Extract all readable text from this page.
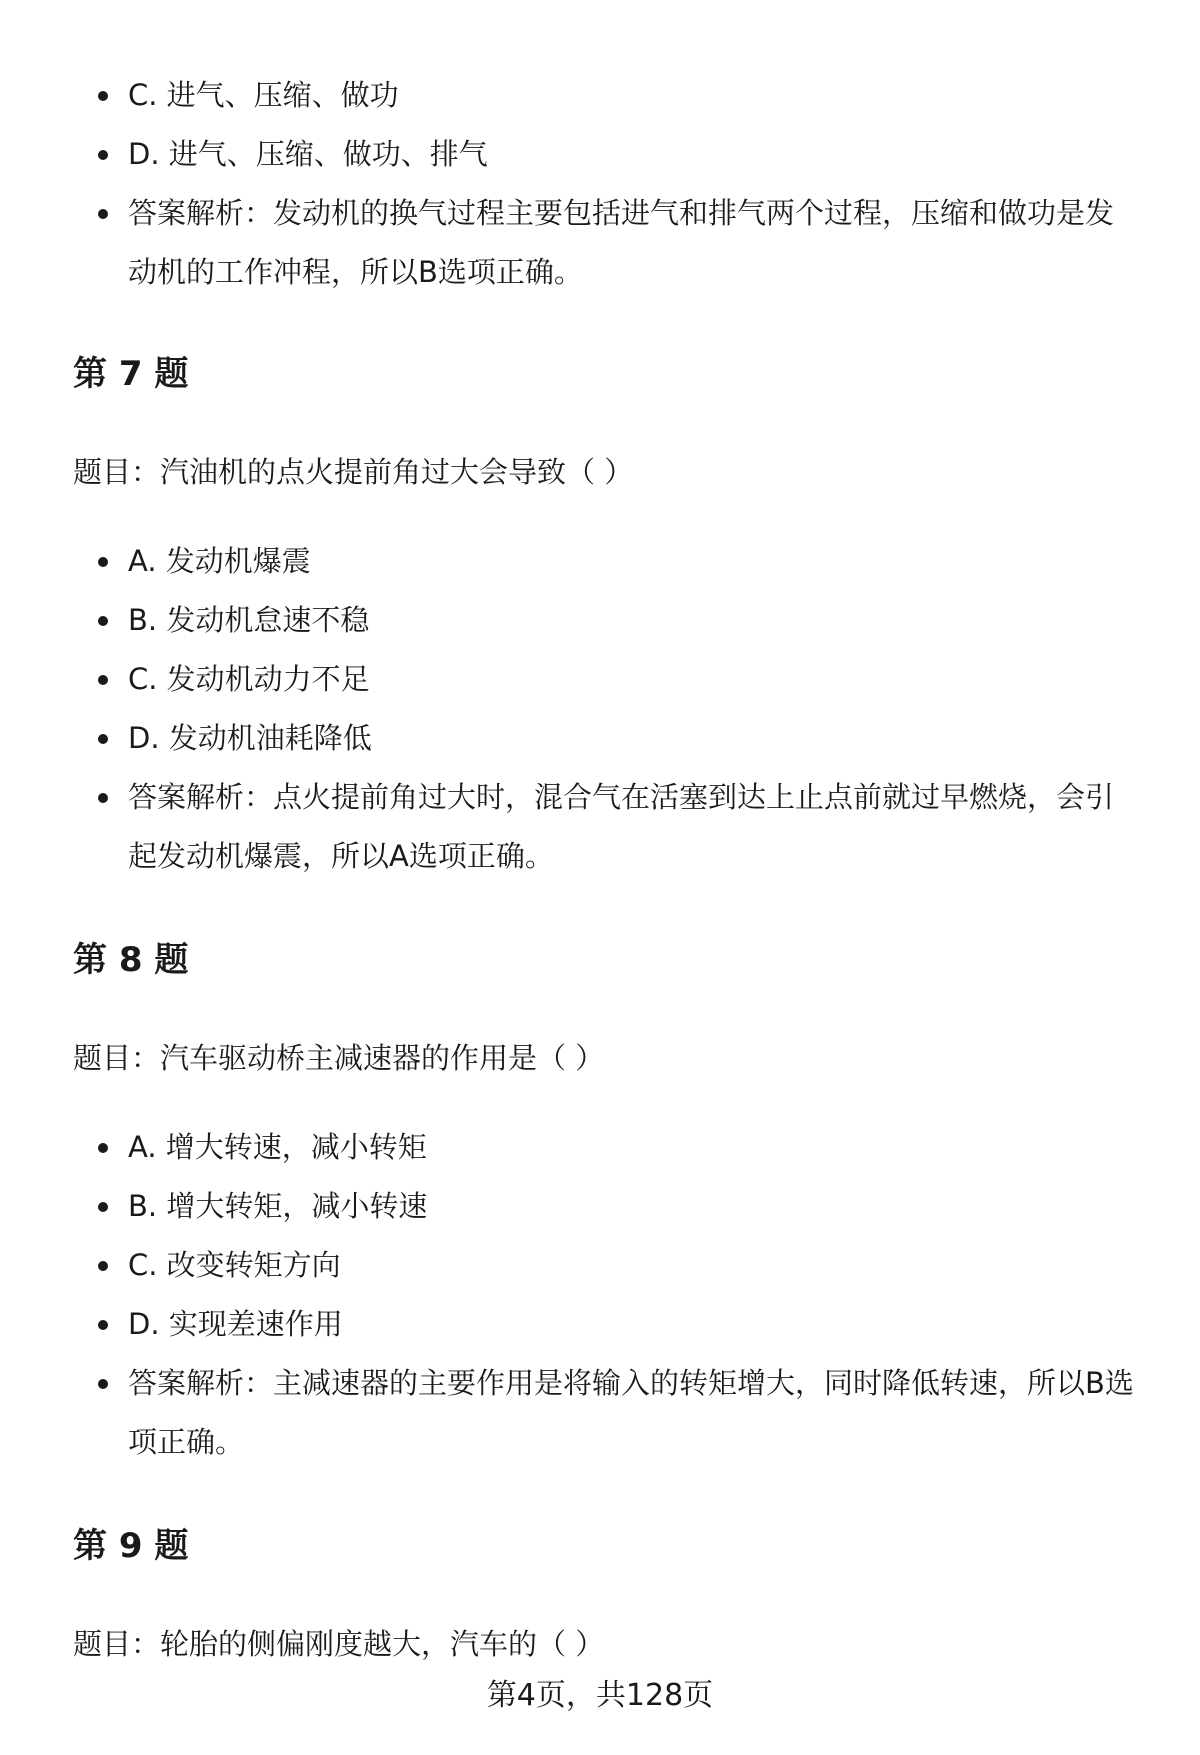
C. 进气、压缩、做功
D. 进气、压缩、做功、排气
答案解析：发动机的换气过程主要包括进气和排气两个过程，压缩和做功是发动机的工作冲程，所以B选项正确。
第 7 题
题目：汽油机的点火提前角过大会导致（ ）
A. 发动机爆震
B. 发动机怠速不稳
C. 发动机动力不足
D. 发动机油耗降低
答案解析：点火提前角过大时，混合气在活塞到达上止点前就过早燃烧，会引起发动机爆震，所以A选项正确。
第 8 题
题目：汽车驱动桥主减速器的作用是（ ）
A. 增大转速，减小转矩
B. 增大转矩，减小转速
C. 改变转矩方向
D. 实现差速作用
答案解析：主减速器的主要作用是将输入的转矩增大，同时降低转速，所以B选项正确。
第 9 题
题目：轮胎的侧偏刚度越大，汽车的（ ）
第4页，共128页
